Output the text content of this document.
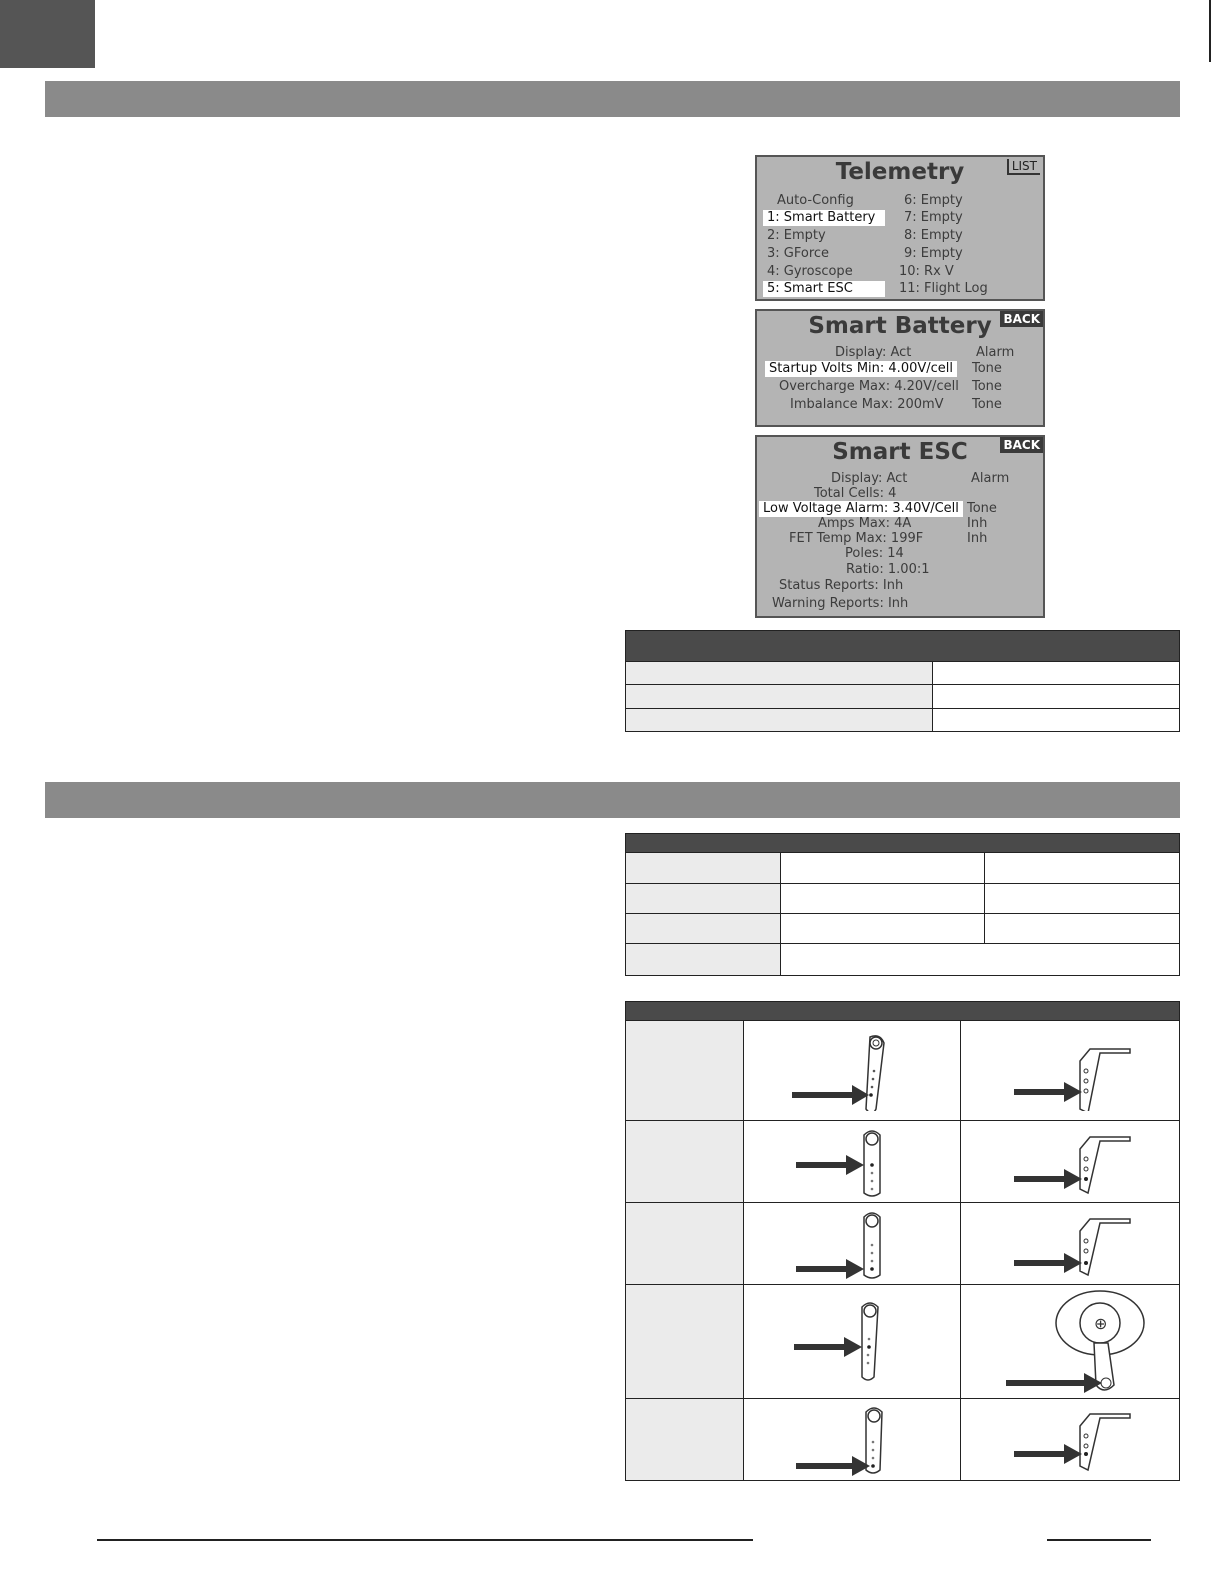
Telemetry	LIST
Auto-Config
1: Smart Battery
2: Empty
3: GForce
4: Gyroscope
5: Smart ESC
6: Empty
7: Empty
8: Empty
9: Empty
10: Rx V
11: Flight Log
Smart Battery BACK
Display: Act	Alarm
Startup Volts Min: 4.00V/cell	Tone
Overcharge Max: 4.20V/cell Tone
Imbalance Max: 200mV Tone
Smart ESC	BACK
Display: Act	Alarm
Total Cells: 4
Low Voltage Alarm: 3.40V/Cell Tone
Amps Max: 4A	Inh
FET Temp Max: 199F	Inh
Poles: 14
Ratio: 1.00:1
Status Reports: Inh
Warning Reports: Inh

⊕
